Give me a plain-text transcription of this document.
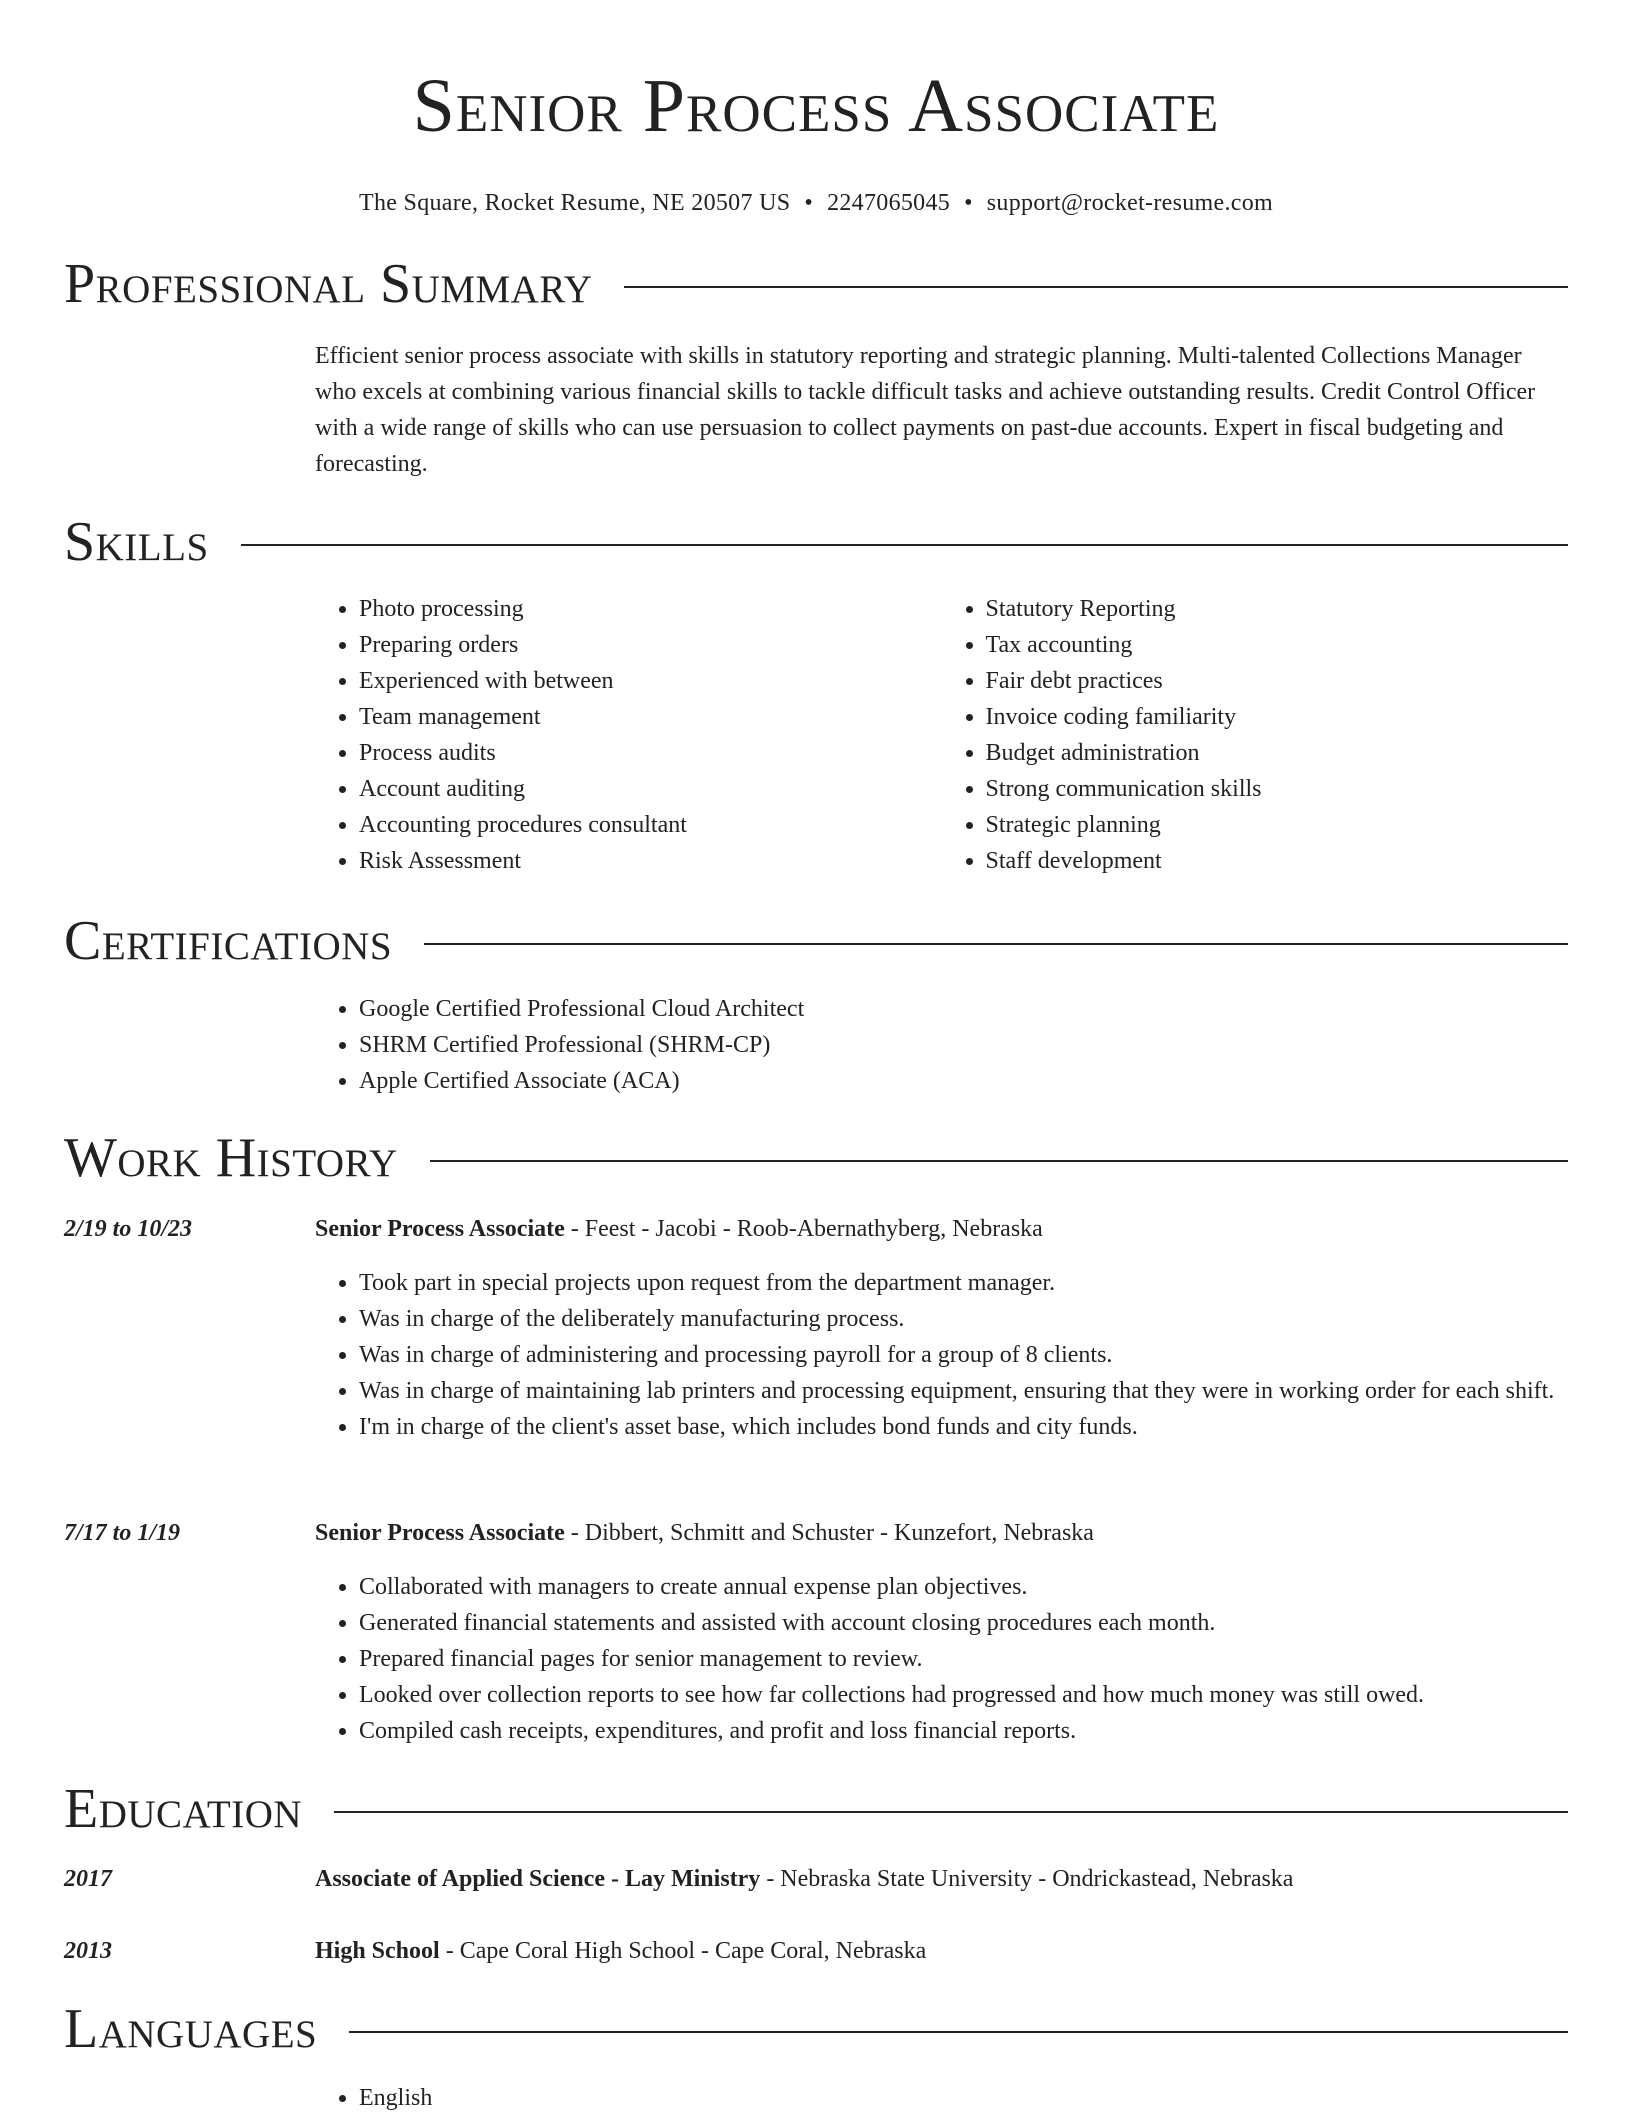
Senior Process Associate
The Square, Rocket Resume, NE 20507 US • 2247065045 • support@rocket-resume.com
Professional Summary
Efficient senior process associate with skills in statutory reporting and strategic planning. Multi-talented Collections Manager who excels at combining various financial skills to tackle difficult tasks and achieve outstanding results. Credit Control Officer with a wide range of skills who can use persuasion to collect payments on past-due accounts. Expert in fiscal budgeting and forecasting.
Skills
• Photo processing
• Preparing orders
• Experienced with between
• Team management
• Process audits
• Account auditing
• Accounting procedures consultant
• Risk Assessment
• Statutory Reporting
• Tax accounting
• Fair debt practices
• Invoice coding familiarity
• Budget administration
• Strong communication skills
• Strategic planning
• Staff development
Certifications
• Google Certified Professional Cloud Architect
• SHRM Certified Professional (SHRM-CP)
• Apple Certified Associate (ACA)
Work History
2/19 to 10/23	Senior Process Associate - Feest - Jacobi - Roob-Abernathyberg, Nebraska
• Took part in special projects upon request from the department manager.
• Was in charge of the deliberately manufacturing process.
• Was in charge of administering and processing payroll for a group of 8 clients.
• Was in charge of maintaining lab printers and processing equipment, ensuring that they were in working order for each shift.
• I'm in charge of the client's asset base, which includes bond funds and city funds.
7/17 to 1/19	Senior Process Associate - Dibbert, Schmitt and Schuster - Kunzefort, Nebraska
• Collaborated with managers to create annual expense plan objectives.
• Generated financial statements and assisted with account closing procedures each month.
• Prepared financial pages for senior management to review.
• Looked over collection reports to see how far collections had progressed and how much money was still owed.
• Compiled cash receipts, expenditures, and profit and loss financial reports.
Education
2017	Associate of Applied Science - Lay Ministry - Nebraska State University - Ondrickastead, Nebraska
2013	High School - Cape Coral High School - Cape Coral, Nebraska
Languages
• English
